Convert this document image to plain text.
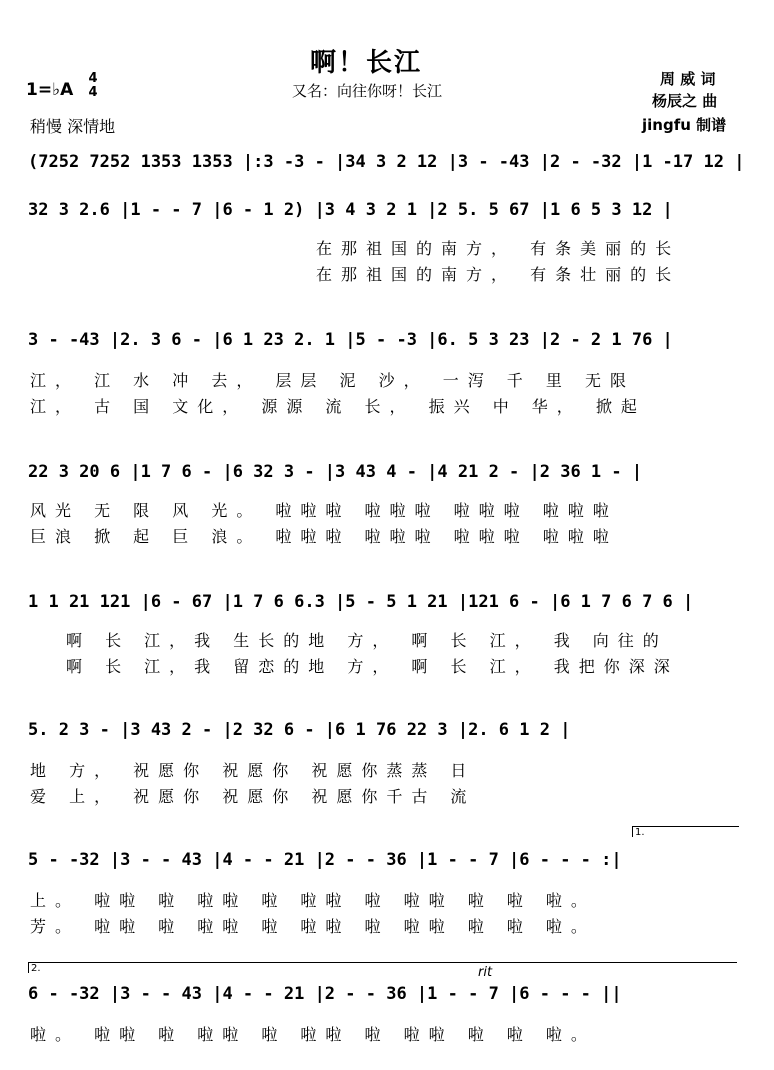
啊！长江
又名：向往你呀！长江
1=♭A
4
4
稍慢 深情地
周 威 词
杨辰之 曲
jingfu 制谱
(7252 7252 1353 1353 |:3 -3 - |34 3 2 12 |3 - -43 |2 - -32 |1 -17 12 |
32 3 2.6 |1 - - 7 |6 - 1 2) |3 4 3 2 1 |2 5. 5 67 |1 6 5 3 12 |
在那祖国的南方， 有条美丽的长
在那祖国的南方， 有条壮丽的长
3 - -43 |2. 3 6 - |6 1 23 2. 1 |5 - -3 |6. 5 3 23 |2 - 2 1 76 |
江， 江 水 冲 去， 层层 泥 沙， 一泻 千 里 无限
江， 古 国 文化， 源源 流 长， 振兴 中 华， 掀起
22 3 20 6 |1 7 6 - |6 32 3 - |3 43 4 - |4 21 2 - |2 36 1 - |
风光 无 限 风 光。 啦啦啦 啦啦啦 啦啦啦 啦啦啦
巨浪 掀 起 巨 浪。 啦啦啦 啦啦啦 啦啦啦 啦啦啦
1 1 21 121 |6 - 67 |1 7 6 6.3 |5 - 5 1 21 |121 6 - |6 1 7 6 7 6 |
啊 长 江，我 生长的地 方， 啊 长 江， 我 向往的
啊 长 江，我 留恋的地 方， 啊 长 江， 我把你深深
5. 2 3 - |3 43 2 - |2 32 6 - |6 1 76 22 3 |2. 6 1 2 |
地 方， 祝愿你 祝愿你 祝愿你蒸蒸 日
爱 上， 祝愿你 祝愿你 祝愿你千古 流
1.
5 - -32 |3 - - 43 |4 - - 21 |2 - - 36 |1 - - 7 |6 - - - :|
上。 啦啦 啦 啦啦 啦 啦啦 啦 啦啦 啦 啦 啦。
芳。 啦啦 啦 啦啦 啦 啦啦 啦 啦啦 啦 啦 啦。
2.	rit
6 - -32 |3 - - 43 |4 - - 21 |2 - - 36 |1 - - 7 |6 - - - ||
啦。 啦啦 啦 啦啦 啦 啦啦 啦 啦啦 啦 啦 啦。
